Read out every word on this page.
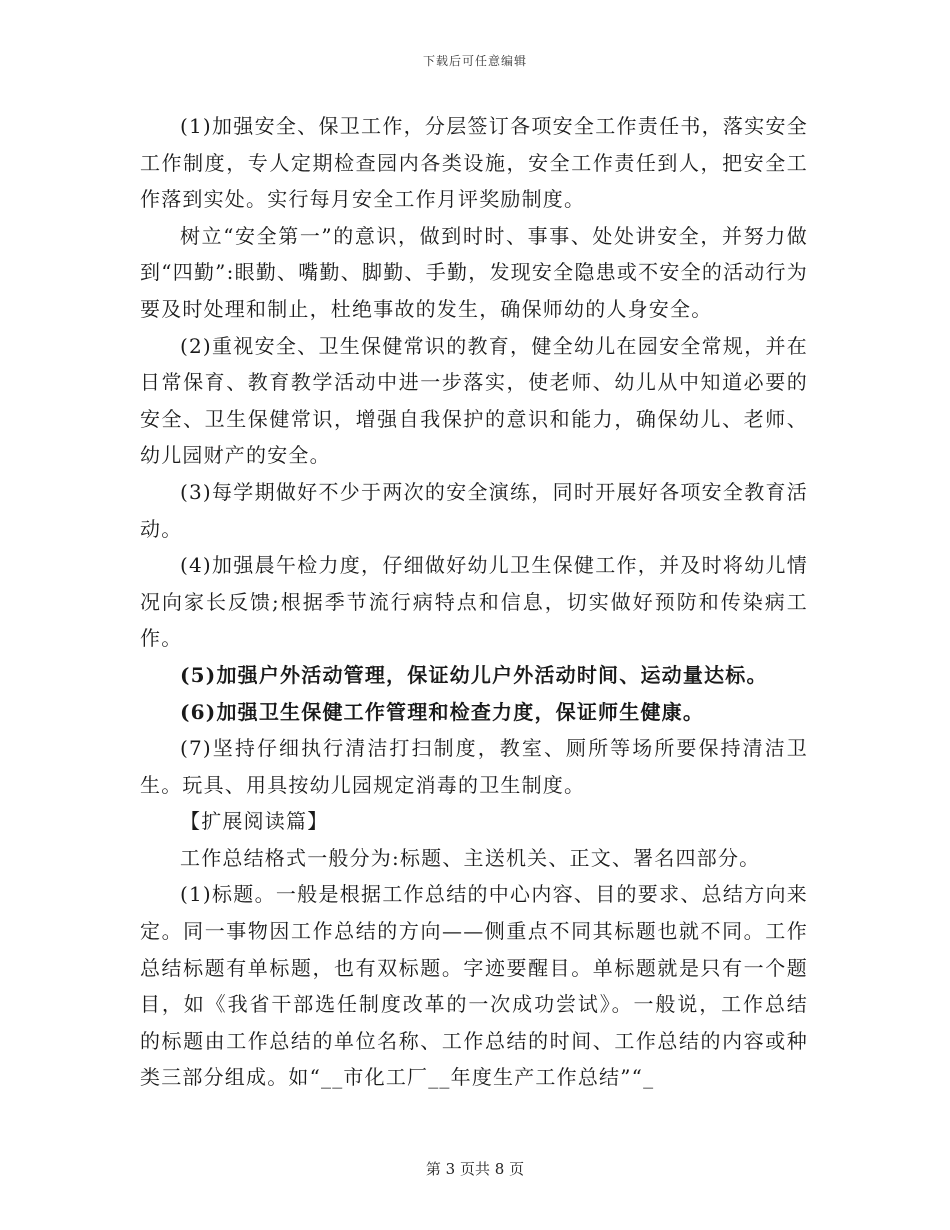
下载后可任意编辑

(1)加强安全、保卫工作，分层签订各项安全工作责任书，落实安全工作制度，专人定期检查园内各类设施，安全工作责任到人，把安全工作落到实处。实行每月安全工作月评奖励制度。

树立“安全第一”的意识，做到时时、事事、处处讲安全，并努力做到“四勤”:眼勤、嘴勤、脚勤、手勤，发现安全隐患或不安全的活动行为要及时处理和制止，杜绝事故的发生，确保师幼的人身安全。

(2)重视安全、卫生保健常识的教育，健全幼儿在园安全常规，并在日常保育、教育教学活动中进一步落实，使老师、幼儿从中知道必要的安全、卫生保健常识，增强自我保护的意识和能力，确保幼儿、老师、幼儿园财产的安全。

(3)每学期做好不少于两次的安全演练，同时开展好各项安全教育活动。

(4)加强晨午检力度，仔细做好幼儿卫生保健工作，并及时将幼儿情况向家长反馈;根据季节流行病特点和信息，切实做好预防和传染病工作。

(5)加强户外活动管理，保证幼儿户外活动时间、运动量达标。

(6)加强卫生保健工作管理和检查力度，保证师生健康。

(7)坚持仔细执行清洁打扫制度，教室、厕所等场所要保持清洁卫生。玩具、用具按幼儿园规定消毒的卫生制度。

【扩展阅读篇】

工作总结格式一般分为:标题、主送机关、正文、署名四部分。

(1)标题。一般是根据工作总结的中心内容、目的要求、总结方向来定。同一事物因工作总结的方向——侧重点不同其标题也就不同。工作总结标题有单标题，也有双标题。字迹要醒目。单标题就是只有一个题目，如《我省干部选任制度改革的一次成功尝试》。一般说，工作总结的标题由工作总结的单位名称、工作总结的时间、工作总结的内容或种类三部分组成。如“__市化工厂__年度生产工作总结”“_

第 3 页共 8 页
